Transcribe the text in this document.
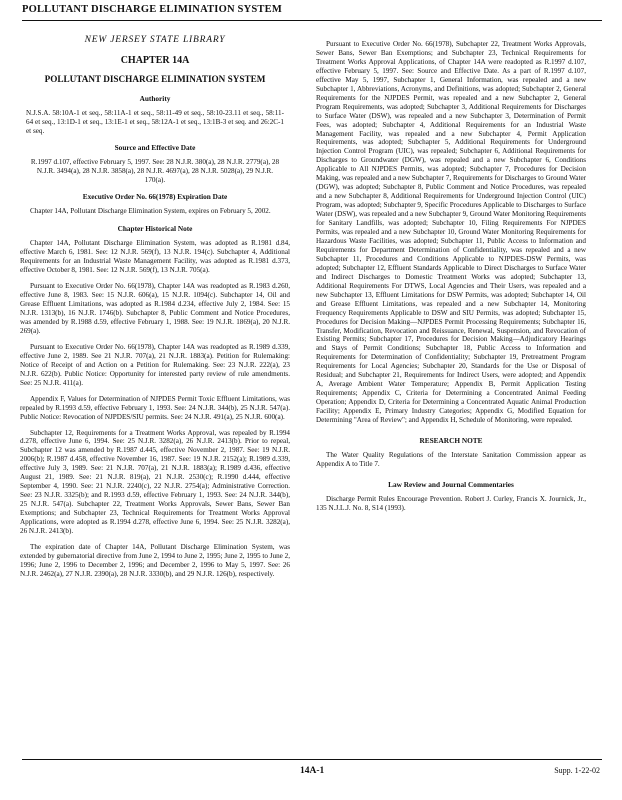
POLLUTANT DISCHARGE ELIMINATION SYSTEM
NEW JERSEY STATE LIBRARY
CHAPTER 14A
POLLUTANT DISCHARGE ELIMINATION SYSTEM
Authority

N.J.S.A. 58:10A-1 et seq., 58:11A-1 et seq., 58:11-49 et seq., 58:10-23.11 et seq., 58:11-64 et seq., 13:1D-1 et seq., 13:1E-1 et seq., 58:12A-1 et seq., 13:1B-3 et seq. and 26:2C-1 et seq.

Source and Effective Date

R.1997 d.107, effective February 5, 1997. See: 28 N.J.R. 380(a), 28 N.J.R. 2779(a), 28 N.J.R. 3494(a), 28 N.J.R. 3858(a), 28 N.J.R. 4697(a), 28 N.J.R. 5028(a), 29 N.J.R. 170(a).

Executive Order No. 66(1978) Expiration Date

Chapter 14A, Pollutant Discharge Elimination System, expires on February 5, 2002.

Chapter Historical Note

Chapter 14A, Pollutant Discharge Elimination System, was adopted as R.1981 d.84, effective March 6, 1981. See: 12 N.J.R. 569(f), 13 N.J.R. 194(c). Subchapter 4, Additional Requirements for an Industrial Waste Management Facility, was adopted as R.1981 d.373, effective October 8, 1981. See: 12 N.J.R. 569(f), 13 N.J.R. 705(a).

Pursuant to Executive Order No. 66(1978), Chapter 14A was readopted as R.1983 d.260, effective June 8, 1983. See: 15 N.J.R. 606(a), 15 N.J.R. 1094(c). Subchapter 14, Oil and Grease Effluent Limitations, was adopted as R.1984 d.234, effective July 2, 1984. See: 15 N.J.R. 1313(b), 16 N.J.R. 1746(b). Subchapter 8, Public Comment and Notice Procedures, was amended by R.1988 d.59, effective February 1, 1988. See: 19 N.J.R. 1869(a), 20 N.J.R. 269(a).

Pursuant to Executive Order No. 66(1978), Chapter 14A was readopted as R.1989 d.339, effective June 2, 1989. See 21 N.J.R. 707(a), 21 N.J.R. 1883(a). Petition for Rulemaking: Notice of Receipt of and Action on a Petition for Rulemaking. See: 23 N.J.R. 222(a), 23 N.J.R. 622(b). Public Notice: Opportunity for interested party review of rule amendments. See: 25 N.J.R. 411(a).

Appendix F, Values for Determination of NJPDES Permit Toxic Effluent Limitations, was repealed by R.1993 d.59, effective February 1, 1993. See: 24 N.J.R. 344(b), 25 N.J.R. 547(a). Public Notice: Revocation of NJPDES/SIU permits. See: 24 N.J.R. 491(a), 25 N.J.R. 600(a).

Subchapter 12, Requirements for a Treatment Works Approval, was repealed by R.1994 d.278, effective June 6, 1994. See: 25 N.J.R. 3282(a), 26 N.J.R. 2413(b). Prior to repeal, Subchapter 12 was amended by R.1987 d.445, effective November 2, 1987. See: 19 N.J.R. 2006(b); R.1987 d.458, effective November 16, 1987. See: 19 N.J.R. 2152(a); R.1989 d.339, effective July 3, 1989. See: 21 N.J.R. 707(a), 21 N.J.R. 1883(a); R.1989 d.436, effective August 21, 1989. See: 21 N.J.R. 819(a), 21 N.J.R. 2530(c); R.1990 d.444, effective September 4, 1990. See: 21 N.J.R. 2240(c), 22 N.J.R. 2754(a); Administrative Correction. See: 23 N.J.R. 3325(b); and R.1993 d.59, effective February 1, 1993. See: 24 N.J.R. 344(b), 25 N.J.R. 547(a). Subchapter 22, Treatment Works Approvals, Sewer Bans, Sewer Ban Exemptions; and Subchapter 23, Technical Requirements for Treatment Works Approval Applications, were adopted as R.1994 d.278, effective June 6, 1994. See: 25 N.J.R. 3282(a), 26 N.J.R. 2413(b).

The expiration date of Chapter 14A, Pollutant Discharge Elimination System, was extended by gubernatorial directive from June 2, 1994 to June 2, 1995; June 2, 1995 to June 2, 1996; June 2, 1996 to December 2, 1996; and December 2, 1996 to May 5, 1997. See: 26 N.J.R. 2462(a), 27 N.J.R. 2390(a), 28 N.J.R. 3330(b), and 29 N.J.R. 126(b), respectively.

Pursuant to Executive Order No. 66(1978), Subchapter 22, Treatment Works Approvals, Sewer Bans, Sewer Ban Exemptions; and Subchapter 23, Technical Requirements for Treatment Works Approval Applications, of Chapter 14A were readopted as R.1997 d.107, effective February 5, 1997. See: Source and Effective Date. As a part of R.1997 d.107, effective May 5, 1997, Subchapter 1, General Information, was repealed and a new Subchapter 1, Abbreviations, Acronyms, and Definitions, was adopted; Subchapter 2, General Requirements for the NJPDES Permit, was repealed and a new Subchapter 2, General Program Requirements, was adopted; Subchapter 3, Additional Requirements for Discharges to Surface Water (DSW), was repealed and a new Subchapter 3, Determination of Permit Fees, was adopted; Subchapter 4, Additional Requirements for an Industrial Waste Management Facility, was repealed and a new Subchapter 4, Permit Application Requirements, was adopted; Subchapter 5, Additional Requirements for Underground Injection Control Program (UIC), was repealed; Subchapter 6, Additional Requirements for Discharges to Groundwater (DGW), was repealed and a new Subchapter 6, Conditions Applicable to All NJPDES Permits, was adopted; Subchapter 7, Procedures for Decision Making, was repealed and a new Subchapter 7, Requirements for Discharges to Ground Water (DGW), was adopted; Subchapter 8, Public Comment and Notice Procedures, was repealed and a new Subchapter 8, Additional Requirements for Underground Injection Control (UIC) Program, was adopted; Subchapter 9, Specific Procedures Applicable to Discharges to Surface Water (DSW), was repealed and a new Subchapter 9, Ground Water Monitoring Requirements for Sanitary Landfills, was adopted; Subchapter 10, Filing Requirements For NJPDES Permits, was repealed and a new Subchapter 10, Ground Water Monitoring Requirements for Hazardous Waste Facilities, was adopted; Subchapter 11, Public Access to Information and Requirements for Department Determination of Confidentiality, was repealed and a new Subchapter 11, Procedures and Conditions Applicable to NJPDES-DSW Permits, was adopted; Subchapter 12, Effluent Standards Applicable to Direct Discharges to Surface Water and Indirect Discharges to Domestic Treatment Works was adopted; Subchapter 13, Additional Requirements For DTWS, Local Agencies and Their Users, was repealed and a new Subchapter 13, Effluent Limitations for DSW Permits, was adopted; Subchapter 14, Oil and Grease Effluent Limitations, was repealed and a new Subchapter 14, Monitoring Frequency Requirements Applicable to DSW and SIU Permits, was adopted; Subchapter 15, Procedures for Decision Making—NJPDES Permit Processing Requirements; Subchapter 16, Transfer, Modification, Revocation and Reissuance, Renewal, Suspension, and Revocation of Existing Permits; Subchapter 17, Procedures for Decision Making—Adjudicatory Hearings and Stays of Permit Conditions; Subchapter 18, Public Access to Information and Requirements for Determination of Confidentiality; Subchapter 19, Pretreatment Program Requirements for Local Agencies; Subchapter 20, Standards for the Use or Disposal of Residual; and Subchapter 21, Requirements for Indirect Users, were adopted; and Appendix A, Average Ambient Water Temperature; Appendix B, Permit Application Testing Requirements; Appendix C, Criteria for Determining a Concentrated Animal Feeding Operation; Appendix D, Criteria for Determining a Concentrated Aquatic Animal Production Facility; Appendix E, Primary Industry Categories; Appendix G, Modified Equation for Determining "Area of Review"; and Appendix H, Schedule of Monitoring, were repealed.

RESEARCH NOTE

The Water Quality Regulations of the Interstate Sanitation Commission appear as Appendix A to Title 7.

Law Review and Journal Commentaries

Discharge Permit Rules Encourage Prevention. Robert J. Curley, Francis X. Journick, Jr., 135 N.J.L.J. No. 8, S14 (1993).

14A-1	Supp. 1-22-02
